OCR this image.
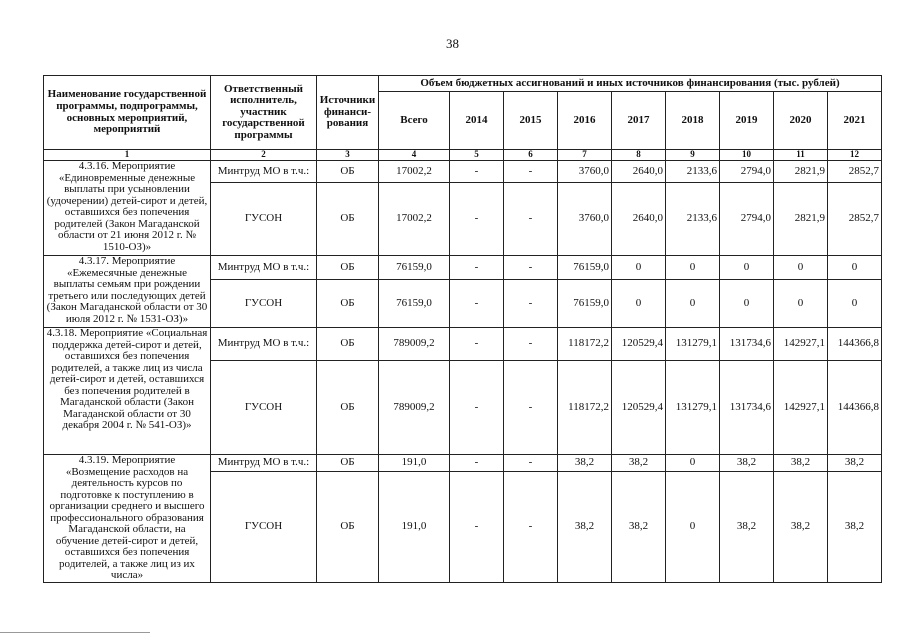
38
Наименование государственной программы, подпрограммы, основных мероприятий, мероприятий	Ответственный исполнитель, участник государственной программы	Источники финанси-рования	Объем бюджетных ассигнований и иных источников финансирования (тыс. рублей)								
			Всего	2014	2015	2016	2017	2018	2019	2020	2021
1	2	3	4	5	6	7	8	9	10	11	12
4.3.16. Мероприятие «Единовременные денежные выплаты при усыновлении (удочерении) детей-сирот и детей, оставшихся без попечения родителей (Закон Магаданской области от 21 июня 2012 г. № 1510-ОЗ)»	Минтруд МО в т.ч.:	ОБ	17002,2	-	-	3760,0	2640,0	2133,6	2794,0	2821,9	2852,7
	ГУСОН	ОБ	17002,2	-	-	3760,0	2640,0	2133,6	2794,0	2821,9	2852,7
4.3.17. Мероприятие «Ежемесячные денежные выплаты семьям при рождении третьего или последующих детей (Закон Магаданской области от 30 июля 2012 г. № 1531-ОЗ)»	Минтруд МО в т.ч.:	ОБ	76159,0	-	-	76159,0	0	0	0	0	0
	ГУСОН	ОБ	76159,0	-	-	76159,0	0	0	0	0	0
4.3.18. Мероприятие «Социальная поддержка детей-сирот и детей, оставшихся без попечения родителей, а также лиц из числа детей-сирот и детей, оставшихся без попечения родителей в Магаданской области (Закон Магаданской области от 30 декабря 2004 г. № 541-ОЗ)»	Минтруд МО в т.ч.:	ОБ	789009,2	-	-	118172,2	120529,4	131279,1	131734,6	142927,1	144366,8
	ГУСОН	ОБ	789009,2	-	-	118172,2	120529,4	131279,1	131734,6	142927,1	144366,8
4.3.19. Мероприятие «Возмещение расходов на деятельность курсов по подготовке к поступлению в организации среднего и высшего профессионального образования Магаданской области, на обучение детей-сирот и детей, оставшихся без попечения родителей, а также лиц из их числа»	Минтруд МО в т.ч.:	ОБ	191,0	-	-	38,2	38,2	0	38,2	38,2	38,2
	ГУСОН	ОБ	191,0	-	-	38,2	38,2	0	38,2	38,2	38,2
